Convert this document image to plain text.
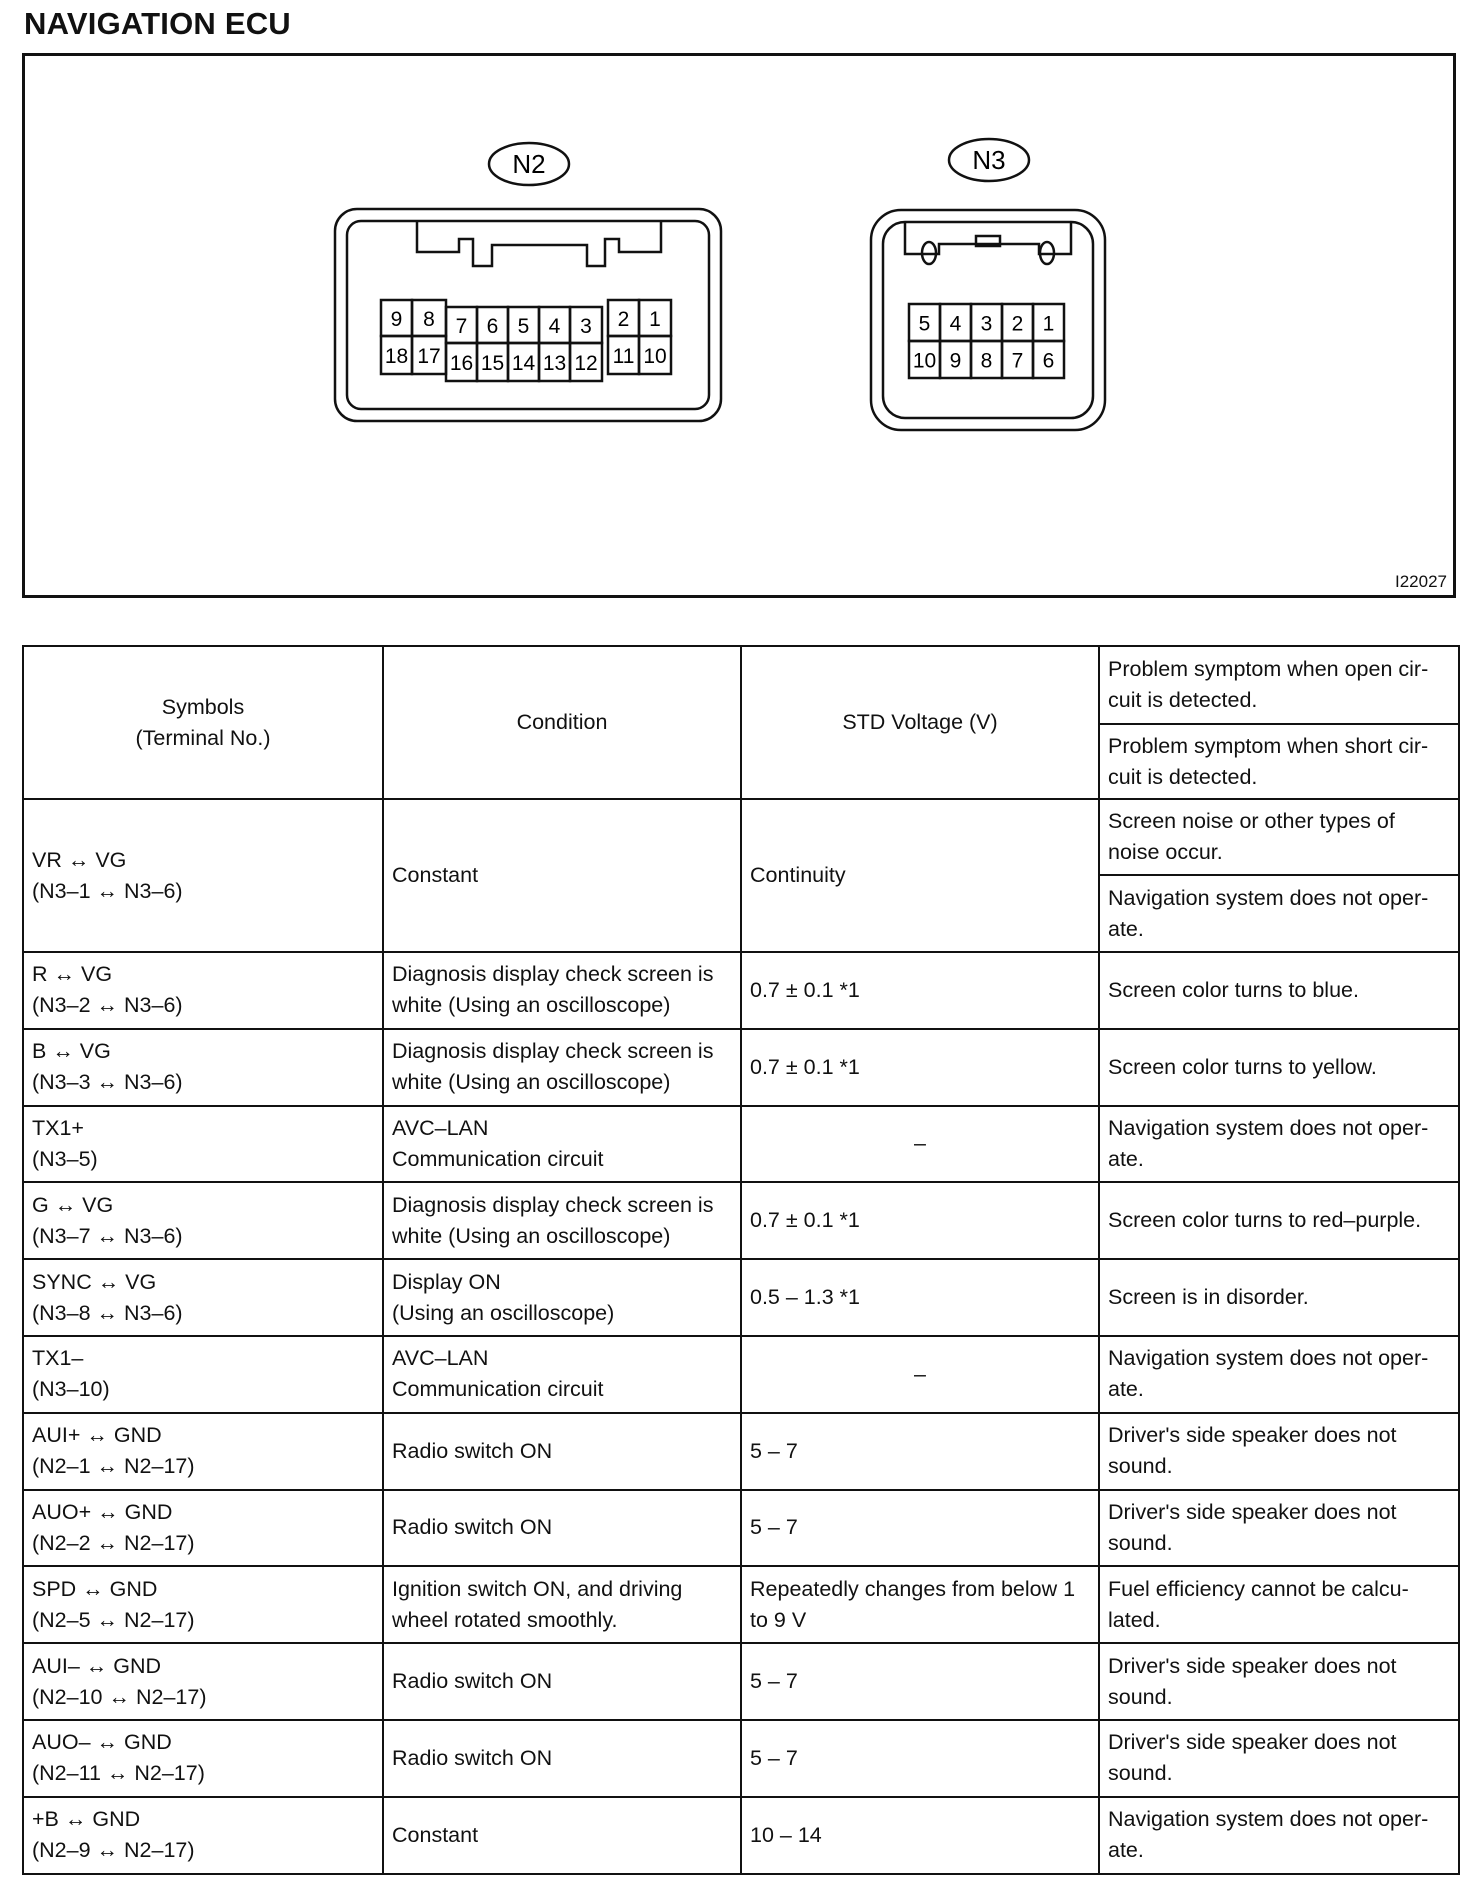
NAVIGATION ECU
N2	N3
9
18
8
17
7
16
6
15
5
14
4
13
3
12
2
11
1
10
5
10
4
9
3
8
2
7
1
6
I22027
Symbols
(Terminal No.)	Condition	STD Voltage (V)	Problem symptom when open cir-
cuit is detected.
			Problem symptom when short cir-
cuit is detected.
VR ↔ VG
(N3–1 ↔ N3–6)	Constant	Continuity	Screen noise or other types of
noise occur.
			Navigation system does not oper-
ate.
R ↔ VG
(N3–2 ↔ N3–6)	Diagnosis display check screen is
white (Using an oscilloscope)	0.7 ± 0.1 *1	Screen color turns to blue.
B ↔ VG
(N3–3 ↔ N3–6)	Diagnosis display check screen is
white (Using an oscilloscope)	0.7 ± 0.1 *1	Screen color turns to yellow.
TX1+
(N3–5)	AVC–LAN
Communication circuit	–	Navigation system does not oper-
ate.
G ↔ VG
(N3–7 ↔ N3–6)	Diagnosis display check screen is
white (Using an oscilloscope)	0.7 ± 0.1 *1	Screen color turns to red–purple.
SYNC ↔ VG
(N3–8 ↔ N3–6)	Display ON
(Using an oscilloscope)	0.5 – 1.3 *1	Screen is in disorder.
TX1–
(N3–10)	AVC–LAN
Communication circuit	–	Navigation system does not oper-
ate.
AUI+ ↔ GND
(N2–1 ↔ N2–17)	Radio switch ON	5 – 7	Driver's side speaker does not
sound.
AUO+ ↔ GND
(N2–2 ↔ N2–17)	Radio switch ON	5 – 7	Driver's side speaker does not
sound.
SPD ↔ GND
(N2–5 ↔ N2–17)	Ignition switch ON, and driving
wheel rotated smoothly.	Repeatedly changes from below 1
to 9 V	Fuel efficiency cannot be calcu-
lated.
AUI– ↔ GND
(N2–10 ↔ N2–17)	Radio switch ON	5 – 7	Driver's side speaker does not
sound.
AUO– ↔ GND
(N2–11 ↔ N2–17)	Radio switch ON	5 – 7	Driver's side speaker does not
sound.
+B ↔ GND
(N2–9 ↔ N2–17)	Constant	10 – 14	Navigation system does not oper-
ate.
